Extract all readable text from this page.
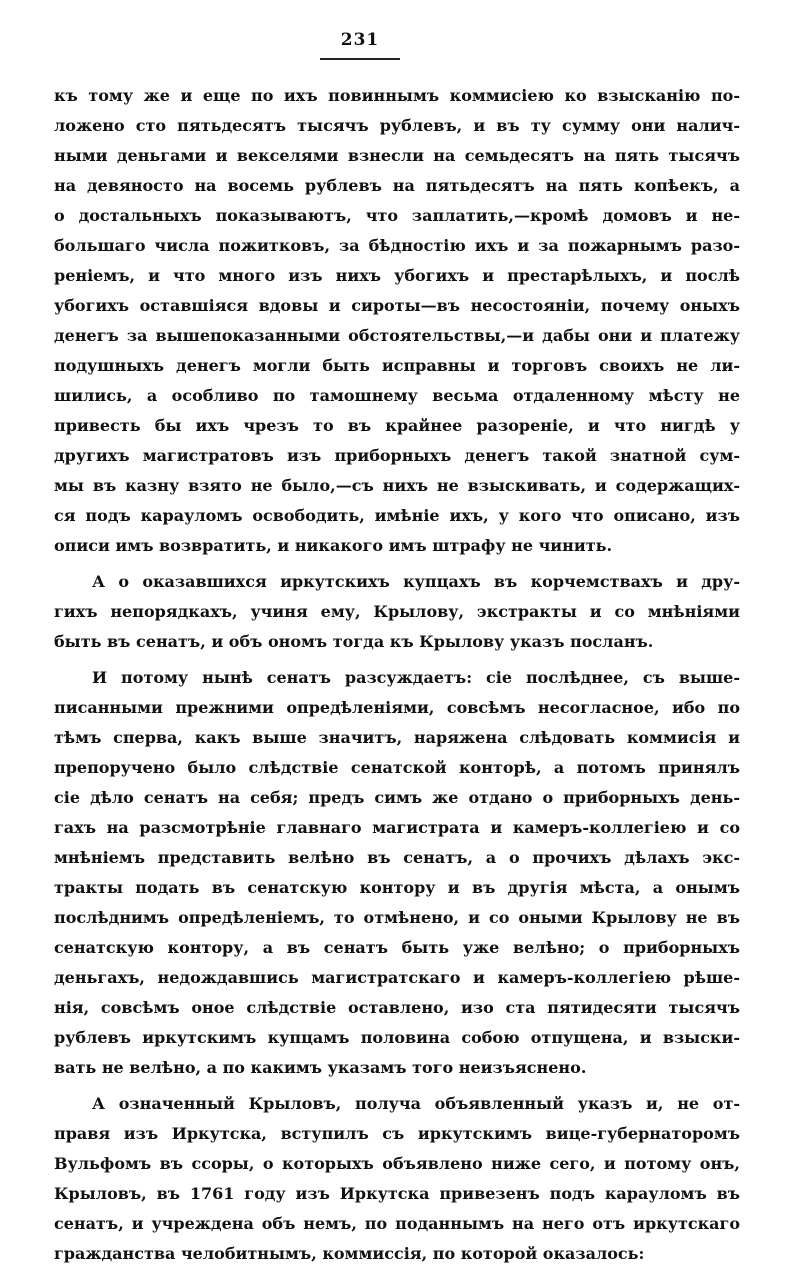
231
къ тому же и еще по ихъ повиннымъ коммисiею ко взысканiю по-
ложено сто пятьдесятъ тысячъ рублевъ, и въ ту сумму они налич-
ными деньгами и векселями взнесли на семьдесятъ на пять тысячъ
на девяносто на восемь рублевъ на пятьдесятъ на пять копѣекъ, а
о достальныхъ показываютъ, что заплатить,—кромѣ домовъ и не-
большаго числа пожитковъ, за бѣдностiю ихъ и за пожарнымъ разо-
ренiемъ, и что много изъ нихъ убогихъ и престарѣлыхъ, и послѣ
убогихъ оставшiяся вдовы и сироты—въ несостоянiи, почему оныхъ
денегъ за вышепоказанными обстоятельствы,—и дабы они и платежу
подушныхъ денегъ могли быть исправны и торговъ своихъ не ли-
шились, а особливо по тамошнему весьма отдаленному мѣсту не
привесть бы ихъ чрезъ то въ крайнее разоренiе, и что нигдѣ у
другихъ магистратовъ изъ приборныхъ денегъ такой знатной сум-
мы въ казну взято не было,—съ нихъ не взыскивать, и содержащих-
ся подъ карауломъ освободить, имѣнiе ихъ, у кого что описано, изъ
описи имъ возвратить, и никакого имъ штрафу не чинить.
А о оказавшихся иркутскихъ купцахъ въ корчемствахъ и дру-
гихъ непорядкахъ, учиня ему, Крылову, экстракты и со мнѣнiями
быть въ сенатъ, и объ ономъ тогда къ Крылову указъ посланъ.
И потому нынѣ сенатъ разсуждаетъ: сiе послѣднее, съ выше-
писанными прежними опредѣленiями, совсѣмъ несогласное, ибо по
тѣмъ сперва, какъ выше значитъ, наряжена слѣдовать коммисiя и
препоручено было слѣдствiе сенатской конторѣ, а потомъ принялъ
сiе дѣло сенатъ на себя; предъ симъ же отдано о приборныхъ день-
гахъ на разсмотрѣнiе главнаго магистрата и камеръ-коллегiею и со
мнѣнiемъ представить велѣно въ сенатъ, а о прочихъ дѣлахъ экс-
тракты подать въ сенатскую контору и въ другiя мѣста, а онымъ
послѣднимъ опредѣленiемъ, то отмѣнено, и со оными Крылову не въ
сенатскую контору, а въ сенатъ быть уже велѣно; о приборныхъ
деньгахъ, недождавшись магистратскаго и камеръ-коллегiею рѣше-
нiя, совсѣмъ оное слѣдствiе оставлено, изо ста пятидесяти тысячъ
рублевъ иркутскимъ купцамъ половина собою отпущена, и взыски-
вать не велѣно, а по какимъ указамъ того неизъяснено.
А означенный Крыловъ, получа объявленный указъ и, не от-
правя изъ Иркутска, вступилъ съ иркутскимъ вице-губернаторомъ
Вульфомъ въ ссоры, о которыхъ объявлено ниже сего, и потому онъ,
Крыловъ, въ 1761 году изъ Иркутска привезенъ подъ карауломъ въ
сенатъ, и учреждена объ немъ, по поданнымъ на него отъ иркутскаго
гражданства челобитнымъ, коммиссiя, по которой оказалось:
